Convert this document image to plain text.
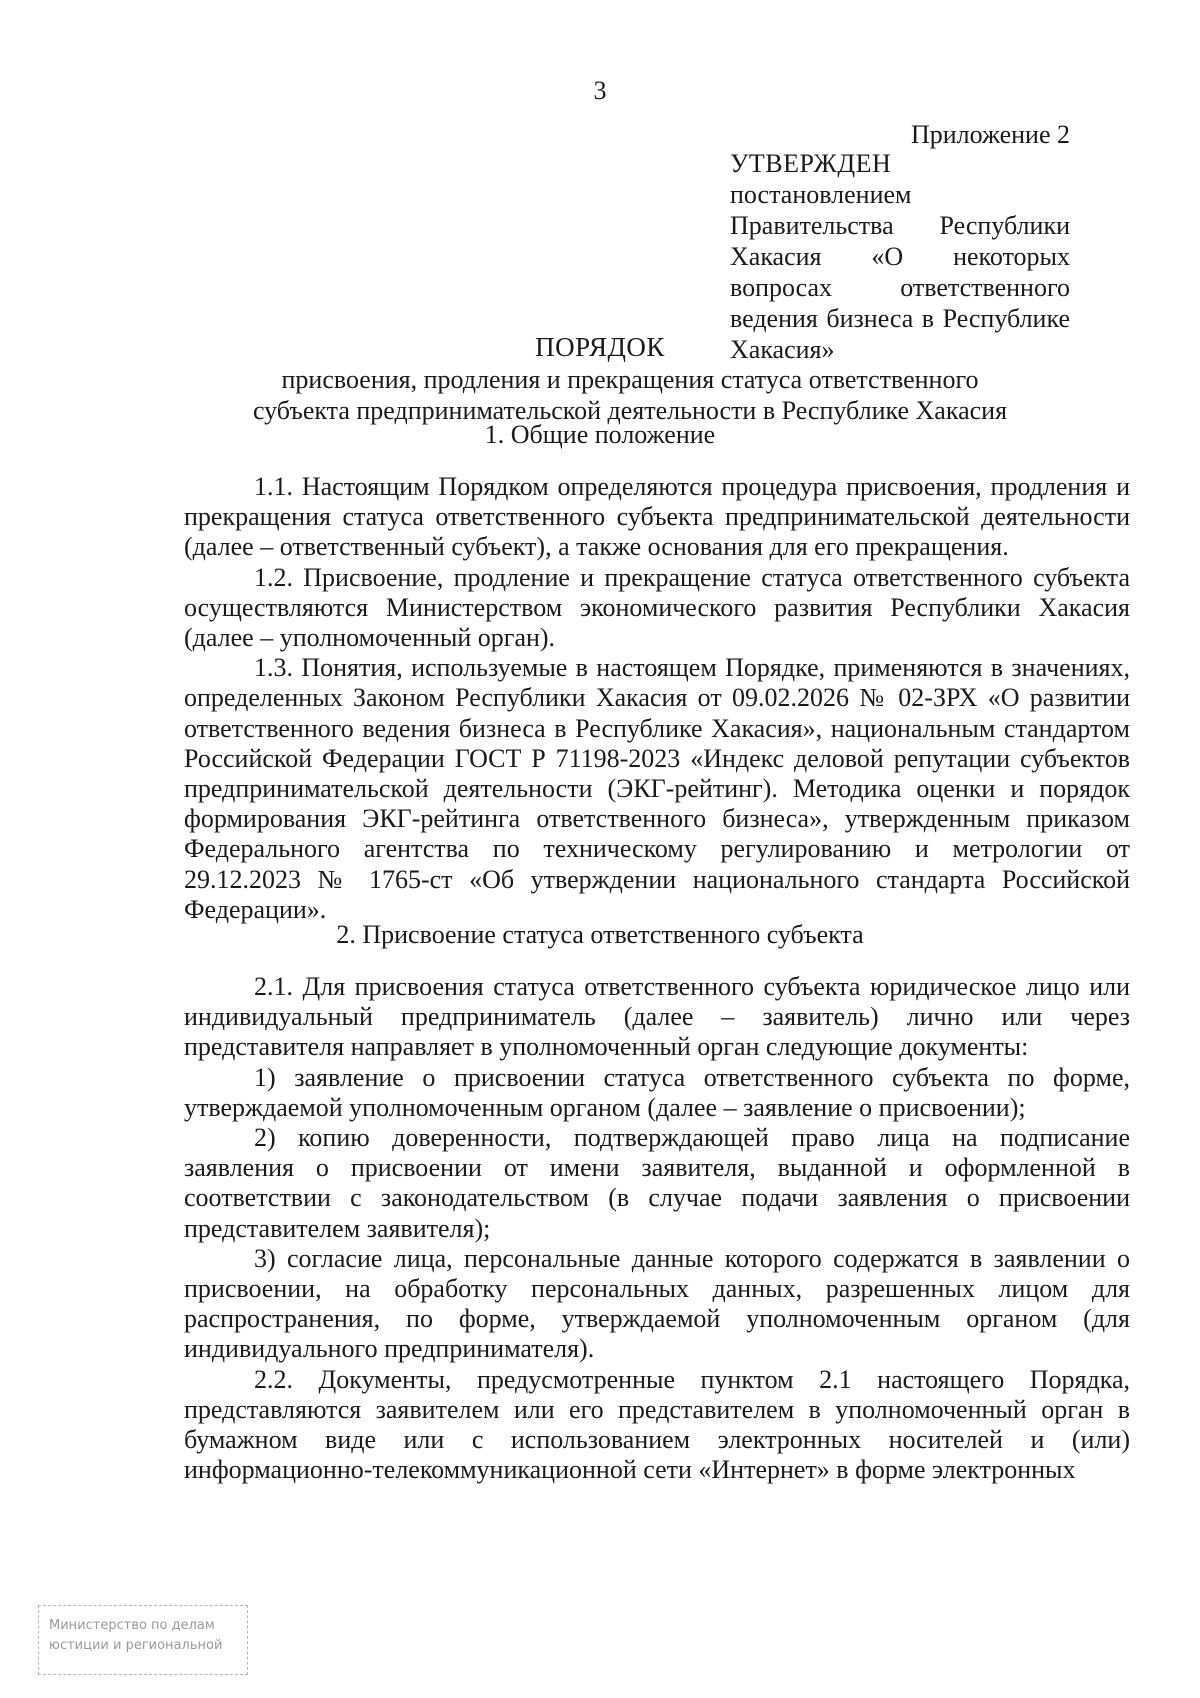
3
Приложение 2
УТВЕРЖДЕН
постановлением Правительства Республики Хакасия «О некоторых вопросах ответственного ведения бизнеса в Республике Хакасия»
ПОРЯДОК
присвоения, продления и прекращения статуса ответственного субъекта предпринимательской деятельности в Республике Хакасия
1. Общие положение

1.1. Настоящим Порядком определяются процедура присвоения, продления и прекращения статуса ответственного субъекта предпринимательской деятельности (далее – ответственный субъект), а также основания для его прекращения.

1.2. Присвоение, продление и прекращение статуса ответственного субъекта осуществляются Министерством экономического развития Республики Хакасия (далее – уполномоченный орган).

1.3. Понятия, используемые в настоящем Порядке, применяются в значениях, определенных Законом Республики Хакасия от 09.02.2026 № 02-ЗРХ «О развитии ответственного ведения бизнеса в Республике Хакасия», национальным стандартом Российской Федерации ГОСТ Р 71198-2023 «Индекс деловой репутации субъектов предпринимательской деятельности (ЭКГ-рейтинг). Методика оценки и порядок формирования ЭКГ-рейтинга ответственного бизнеса», утвержденным приказом Федерального агентства по техническому регулированию и метрологии от 29.12.2023 № 1765-ст «Об утверждении национального стандарта Российской Федерации».

2. Присвоение статуса ответственного субъекта

2.1. Для присвоения статуса ответственного субъекта юридическое лицо или индивидуальный предприниматель (далее – заявитель) лично или через представителя направляет в уполномоченный орган следующие документы:

1) заявление о присвоении статуса ответственного субъекта по форме, утверждаемой уполномоченным органом (далее – заявление о присвоении);

2) копию доверенности, подтверждающей право лица на подписание заявления о присвоении от имени заявителя, выданной и оформленной в соответствии с законодательством (в случае подачи заявления о присвоении представителем заявителя);

3) согласие лица, персональные данные которого содержатся в заявлении о присвоении, на обработку персональных данных, разрешенных лицом для распространения, по форме, утверждаемой уполномоченным органом (для индивидуального предпринимателя).

2.2. Документы, предусмотренные пунктом 2.1 настоящего Порядка, представляются заявителем или его представителем в уполномоченный орган в бумажном виде или с использованием электронных носителей и (или) информационно-телекоммуникационной сети «Интернет» в форме электронных

Министерство по делам
юстиции и региональной
